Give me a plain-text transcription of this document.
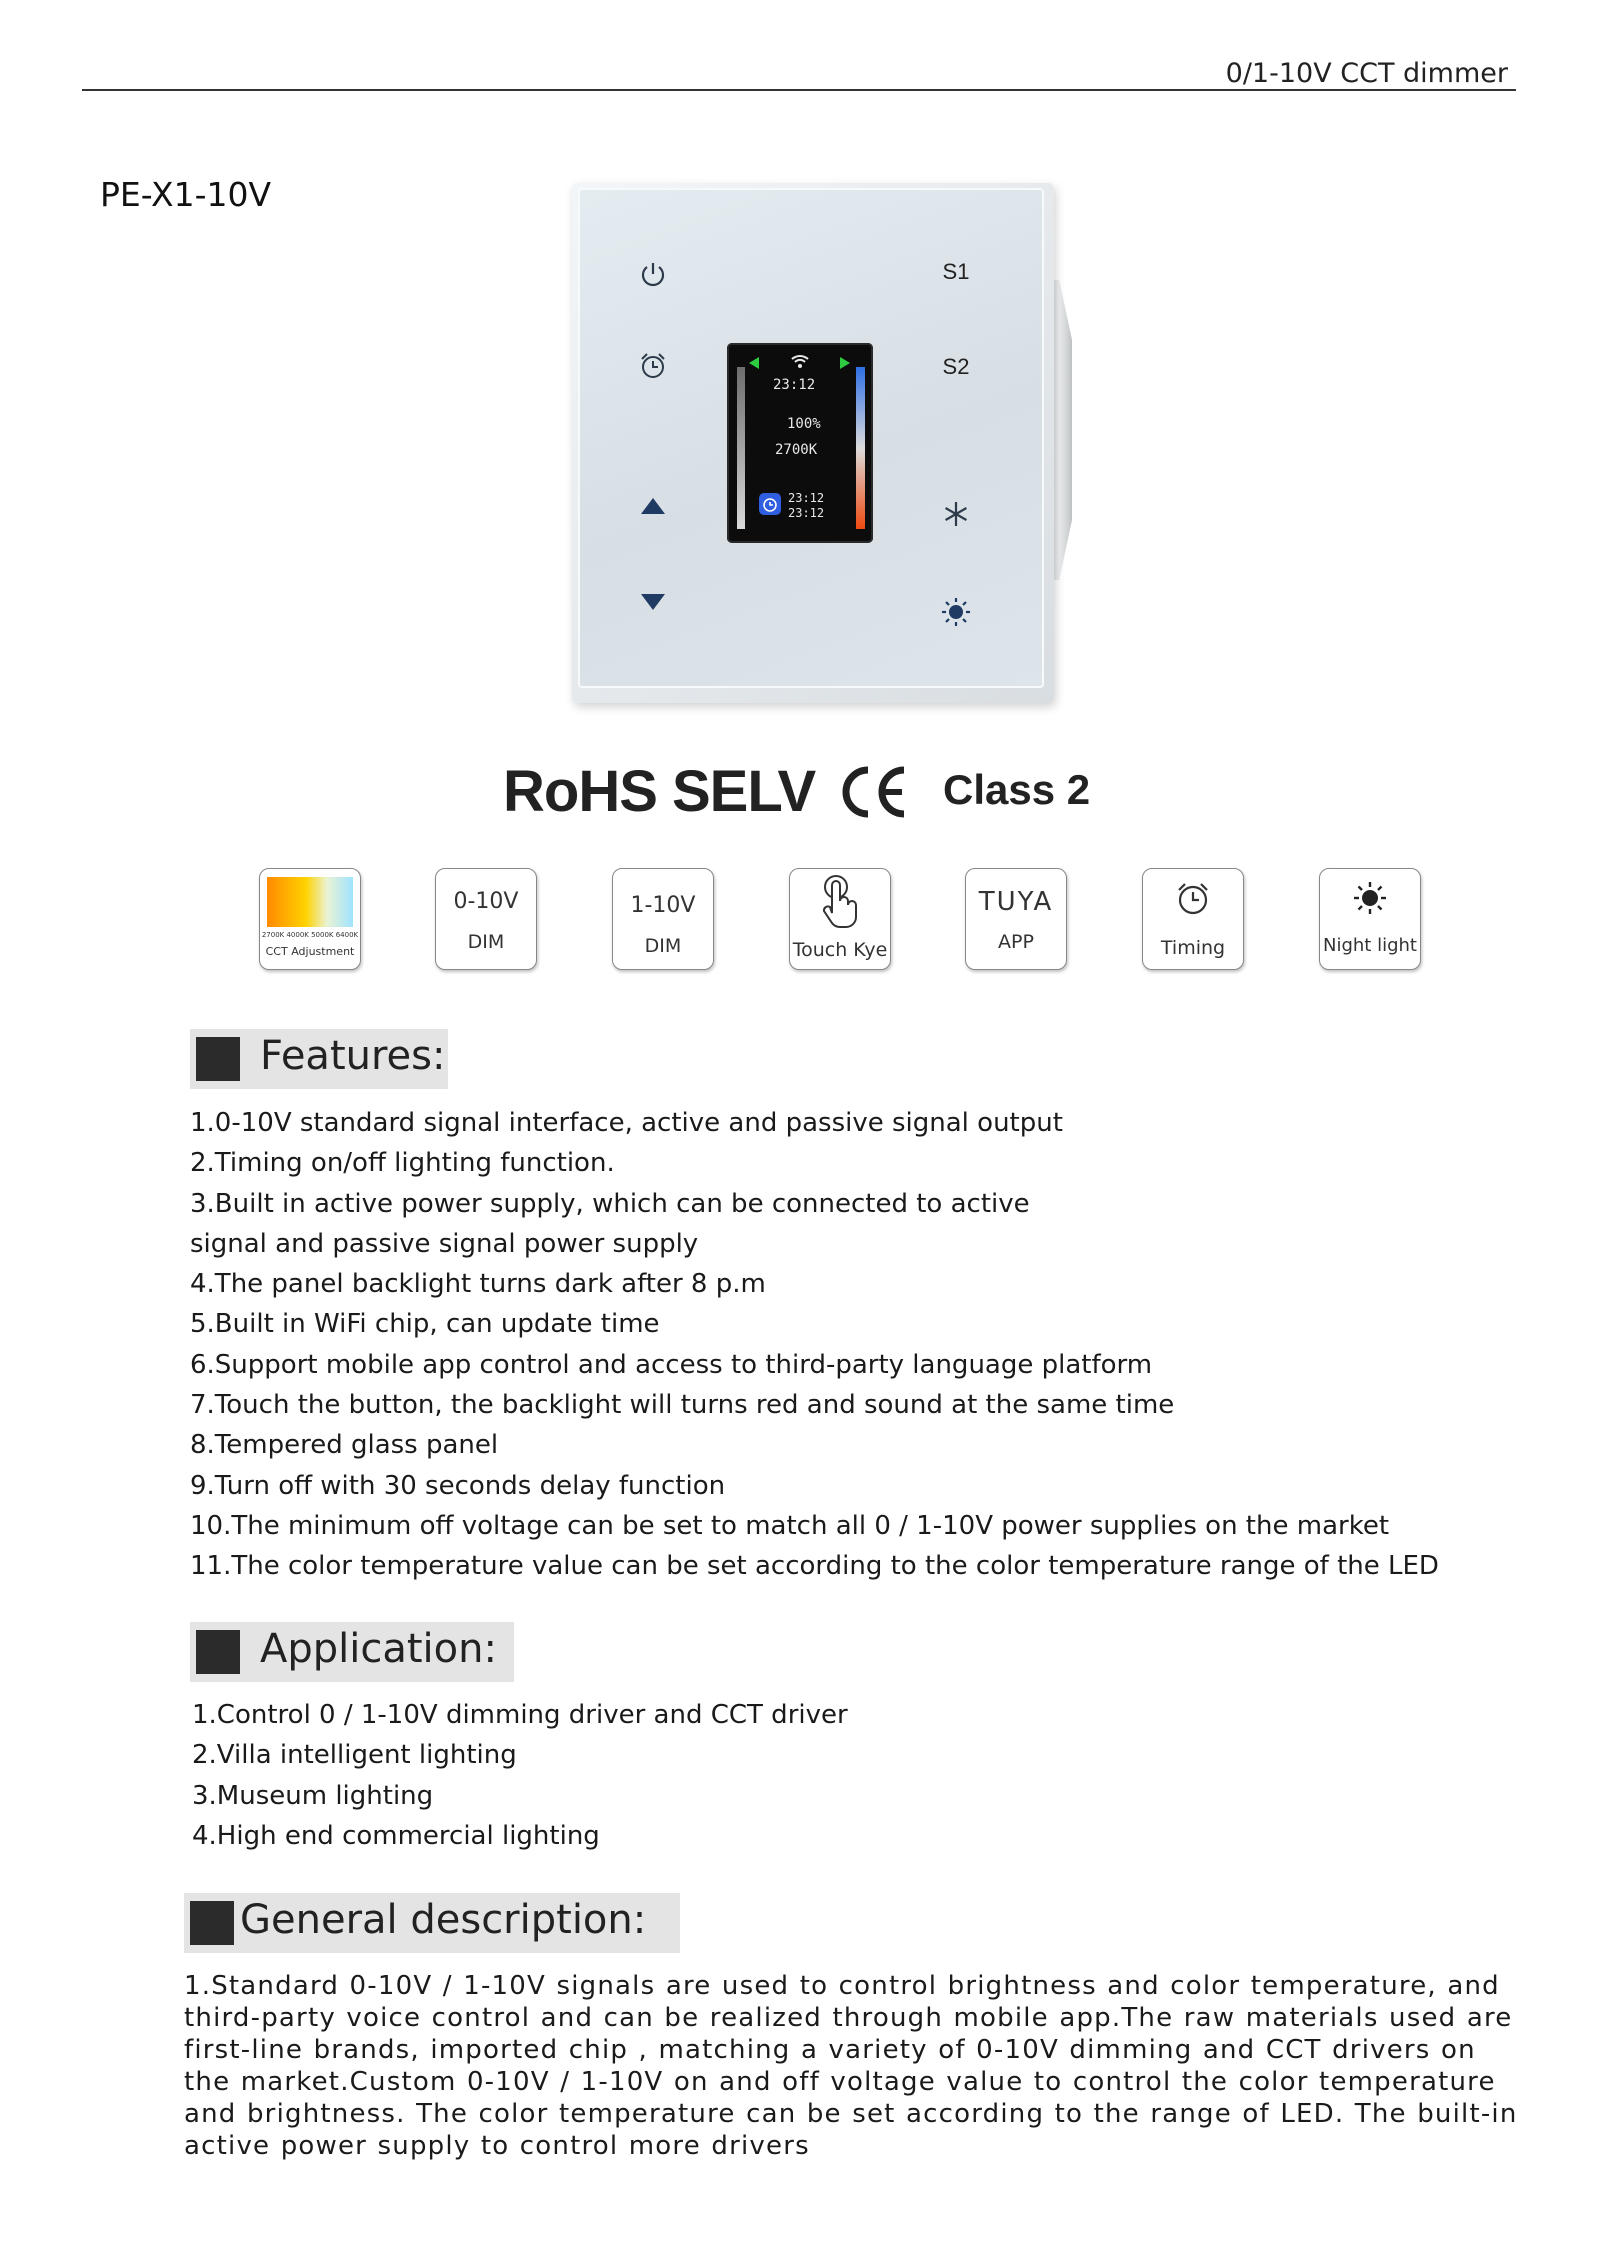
0/1-10V CCT dimmer
PE-X1-10V
S1
S2
23:12
100%
2700K
23:12
23:12
RoHS SELV	Class 2
2700K 4000K 5000K 6400K
CCT Adjustment
0-10V
DIM
1-10V
DIM	Touch Kye
TUYA
APP	Timing	Night light
Features:
1.0-10V standard signal interface, active and passive signal output
2.Timing on/off lighting function.
3.Built in active power supply, which can be connected to active
signal and passive signal power supply
4.The panel backlight turns dark after 8 p.m
5.Built in WiFi chip, can update time
6.Support mobile app control and access to third-party language platform
7.Touch the button, the backlight will turns red and sound at the same time
8.Tempered glass panel
9.Turn off with 30 seconds delay function
10.The minimum off voltage can be set to match all 0 / 1-10V power supplies on the market
11.The color temperature value can be set according to the color temperature range of the LED
Application:
1.Control 0 / 1-10V dimming driver and CCT driver
2.Villa intelligent lighting
3.Museum lighting
4.High end commercial lighting
General description:
1.Standard 0-10V / 1-10V signals are used to control brightness and color temperature, and third-party voice control and can be realized through mobile app.The raw materials used are first-line brands, imported chip , matching a variety of 0-10V dimming and CCT drivers on the market.Custom 0-10V / 1-10V on and off voltage value to control the color temperature and brightness. The color temperature can be set according to the range of LED. The built-in active power supply to control more drivers
